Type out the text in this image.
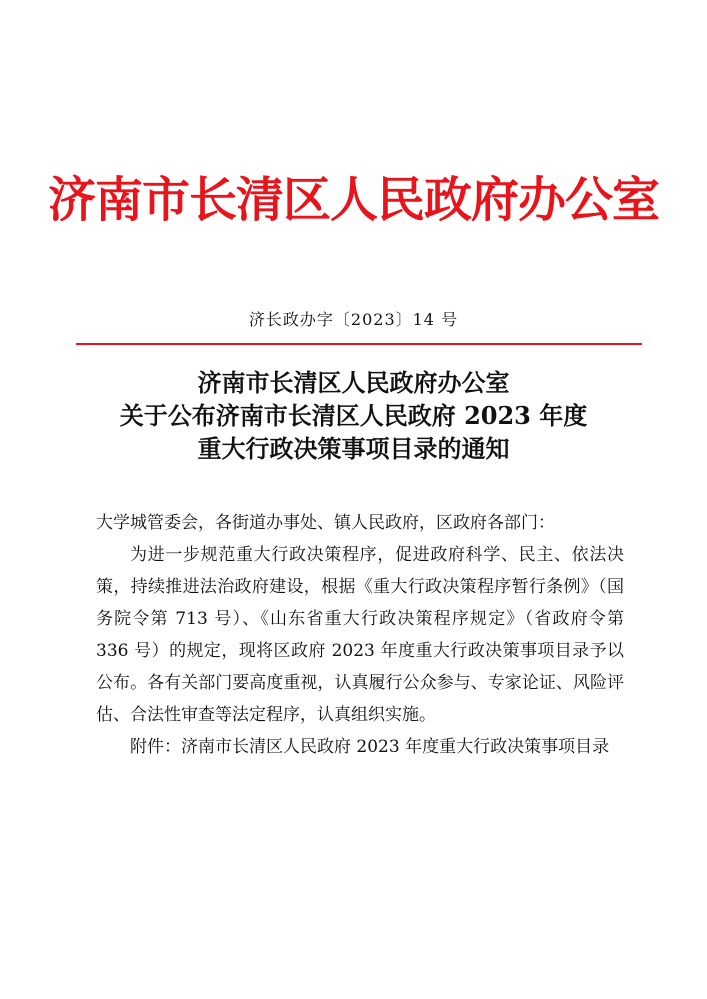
济南市长清区人民政府办公室
济长政办字〔2023〕14 号
济南市长清区人民政府办公室
关于公布济南市长清区人民政府 2023 年度
重大行政决策事项目录的通知

大学城管委会，各街道办事处、镇人民政府，区政府各部门：

为进一步规范重大行政决策程序，促进政府科学、民主、依法决策，持续推进法治政府建设，根据《重大行政决策程序暂行条例》（国务院令第 713 号）、《山东省重大行政决策程序规定》（省政府令第 336 号）的规定，现将区政府 2023 年度重大行政决策事项目录予以公布。各有关部门要高度重视，认真履行公众参与、专家论证、风险评估、合法性审查等法定程序，认真组织实施。

附件：济南市长清区人民政府 2023 年度重大行政决策事项目录
